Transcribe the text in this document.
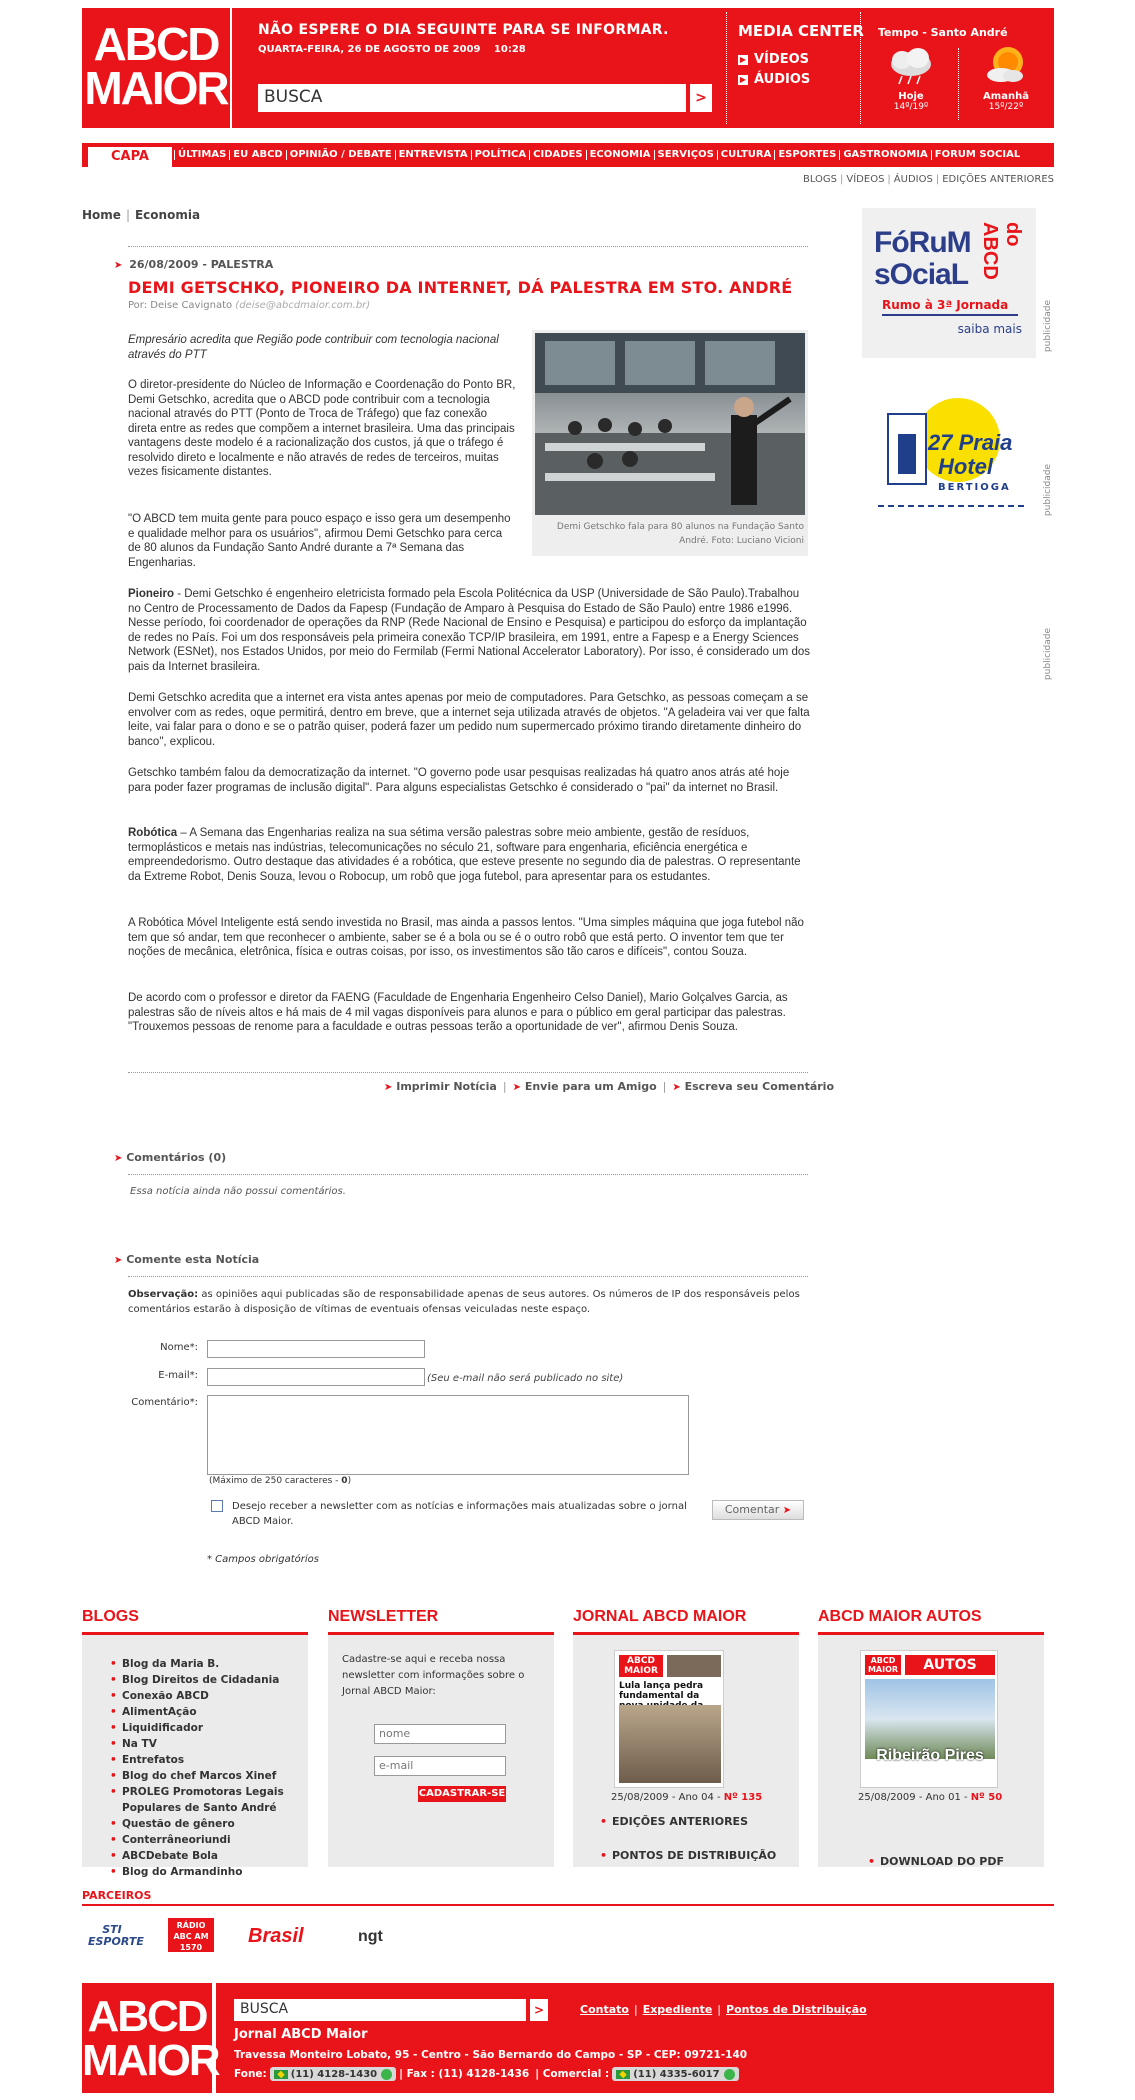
ABCD
MAIOR
NÃO ESPERE O DIA SEGUINTE PARA SE INFORMAR.
QUARTA-FEIRA, 26 DE AGOSTO DE 2009 10:28
BUSCA	>
MEDIA CENTER
▶ VÍDEOS
▶ ÁUDIOS
Tempo - Santo André
Hoje
14º/19º
Amanhã
15º/22º
CAPA	ÚLTIMAS EU ABCD OPINIÃO / DEBATE ENTREVISTA POLÍTICA CIDADES ECONOMIA SERVIÇOS CULTURA ESPORTES GASTRONOMIA FORUM SOCIAL
BLOGS | VÍDEOS | ÁUDIOS | EDIÇÕES ANTERIORES
Home | Economia
➤ 26/08/2009 - PALESTRA
DEMI GETSCHKO, PIONEIRO DA INTERNET, DÁ PALESTRA EM STO. ANDRÉ
Por: Deise Cavignato (deise@abcdmaior.com.br)
Empresário acredita que Região pode contribuir com tecnologia nacional através do PTT
Demi Getschko fala para 80 alunos na Fundação Santo André. Foto: Luciano Vicioni
O diretor-presidente do Núcleo de Informação e Coordenação do Ponto BR, Demi Getschko, acredita que o ABCD pode contribuir com a tecnologia nacional através do PTT (Ponto de Troca de Tráfego) que faz conexão direta entre as redes que compõem a internet brasileira. Uma das principais vantagens deste modelo é a racionalização dos custos, já que o tráfego é resolvido direto e localmente e não através de redes de terceiros, muitas vezes fisicamente distantes.
"O ABCD tem muita gente para pouco espaço e isso gera um desempenho e qualidade melhor para os usuários", afirmou Demi Getschko para cerca de 80 alunos da Fundação Santo André durante a 7ª Semana das Engenharias.
Pioneiro - Demi Getschko é engenheiro eletricista formado pela Escola Politécnica da USP (Universidade de São Paulo).Trabalhou no Centro de Processamento de Dados da Fapesp (Fundação de Amparo à Pesquisa do Estado de São Paulo) entre 1986 e1996. Nesse período, foi coordenador de operações da RNP (Rede Nacional de Ensino e Pesquisa) e participou do esforço da implantação de redes no País. Foi um dos responsáveis pela primeira conexão TCP/IP brasileira, em 1991, entre a Fapesp e a Energy Sciences Network (ESNet), nos Estados Unidos, por meio do Fermilab (Fermi National Accelerator Laboratory). Por isso, é considerado um dos pais da Internet brasileira.
Demi Getschko acredita que a internet era vista antes apenas por meio de computadores. Para Getschko, as pessoas começam a se envolver com as redes, oque permitirá, dentro em breve, que a internet seja utilizada através de objetos. "A geladeira vai ver que falta leite, vai falar para o dono e se o patrão quiser, poderá fazer um pedido num supermercado próximo tirando diretamente dinheiro do banco", explicou.
Getschko também falou da democratização da internet. "O governo pode usar pesquisas realizadas há quatro anos atrás até hoje para poder fazer programas de inclusão digital". Para alguns especialistas Getschko é considerado o "pai" da internet no Brasil.
Robótica – A Semana das Engenharias realiza na sua sétima versão palestras sobre meio ambiente, gestão de resíduos, termoplásticos e metais nas indústrias, telecomunicações no século 21, software para engenharia, eficiência energética e empreendedorismo. Outro destaque das atividades é a robótica, que esteve presente no segundo dia de palestras. O representante da Extreme Robot, Denis Souza, levou o Robocup, um robô que joga futebol, para apresentar para os estudantes.
A Robótica Móvel Inteligente está sendo investida no Brasil, mas ainda a passos lentos. "Uma simples máquina que joga futebol não tem que só andar, tem que reconhecer o ambiente, saber se é a bola ou se é o outro robô que está perto. O inventor tem que ter noções de mecânica, eletrônica, física e outras coisas, por isso, os investimentos são tão caros e difíceis", contou Souza.
De acordo com o professor e diretor da FAENG (Faculdade de Engenharia Engenheiro Celso Daniel), Mario Golçalves Garcia, as palestras são de níveis altos e há mais de 4 mil vagas disponíveis para alunos e para o público em geral participar das palestras. "Trouxemos pessoas de renome para a faculdade e outras pessoas terão a oportunidade de ver", afirmou Denis Souza.
➤ Imprimir Notícia | ➤ Envie para um Amigo | ➤ Escreva seu Comentário
➤ Comentários (0)
Essa notícia ainda não possui comentários.
➤ Comente esta Notícia
Observação: as opiniões aqui publicadas são de responsabilidade apenas de seus autores. Os números de IP dos responsáveis pelos comentários estarão à disposição de vítimas de eventuais ofensas veiculadas neste espaço.
Nome*:
E-mail*:	(Seu e-mail não será publicado no site)
Comentário*:
(Máximo de 250 caracteres - 0)
Desejo receber a newsletter com as notícias e informações mais atualizadas sobre o jornal ABCD Maior.
Comentar ➤
* Campos obrigatórios
FóRuM
sOciaL
do ABCD
Rumo à 3ª Jornada
saiba mais publicidade
27 Praia
Hotel
BERTIOGA	publicidade
publicidade
BLOGS
• Blog da Maria B.
• Blog Direitos de Cidadania
• Conexão ABCD
• AlimentAção
• Liquidificador
• Na TV
• Entrefatos
• Blog do chef Marcos Xinef
• PROLEG Promotoras Legais Populares de Santo André
• Questão de gênero
• Conterrâneoriundi
• ABCDebate Bola
• Blog do Armandinho
NEWSLETTER
Cadastre-se aqui e receba nossa newsletter com informações sobre o Jornal ABCD Maior:
nome
e-mail
CADASTRAR-SE
JORNAL ABCD MAIOR
ABCD
MAIOR
Lula lança pedra fundamental da
25/08/2009 - Ano 04 - Nº 135
• EDIÇÕES ANTERIORES
• PONTOS DE DISTRIBUIÇÃO
ABCD MAIOR AUTOS
ABCD
MAIOR	AUTOS
Ribeirão Pires
25/08/2009 - Ano 01 - Nº 50
• DOWNLOAD DO PDF
PARCEIROS
STI ESPORTE
RÁDIO ABC AM 1570
Brasil	ngt
ABCD
MAIOR
BUSCA	>	Contato | Expediente | Pontos de Distribuição
Jornal ABCD Maior
Travessa Monteiro Lobato, 95 - Centro - São Bernardo do Campo - SP - CEP: 09721-140
Fone: (11) 4128-1430 | Fax : (11) 4128-1436 | Comercial : (11) 4335-6017
